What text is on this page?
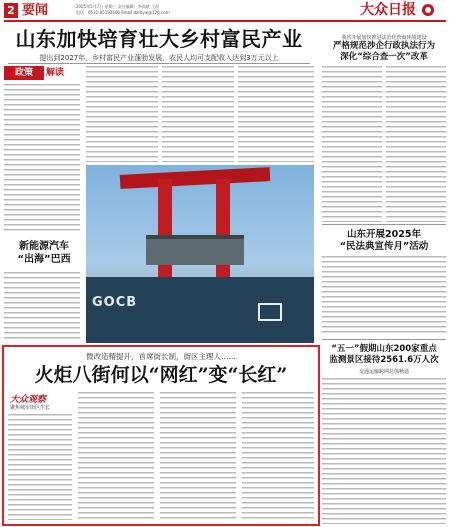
2 要闻	2025年5月7日 星期三 责任编辑：李尚斌 王晨
电话：0531-85193600 Email:dzrbyw@126.com	大众日报
山东加快培育壮大乡村富民产业
提出到2027年，乡村富民产业蓬勃发展，农民人均可支配收入达到3万元以上
政策	解读
新能源汽车
“出海”巴西
GOCB
我省开展加快推进法治化营商环境建设
严格规范涉企行政执法行为
深化“综合查一次”改革
山东开展2025年
“民法典宣传月”活动
“五一”假期山东200家重点
监测景区接待2561.6万人次
交通运输跨网总体畅通
微改造精提升，首席街长制，街区主理人……
火炬八街何以“网红”变“长红”
大众观察
聚焦城市街区生长
